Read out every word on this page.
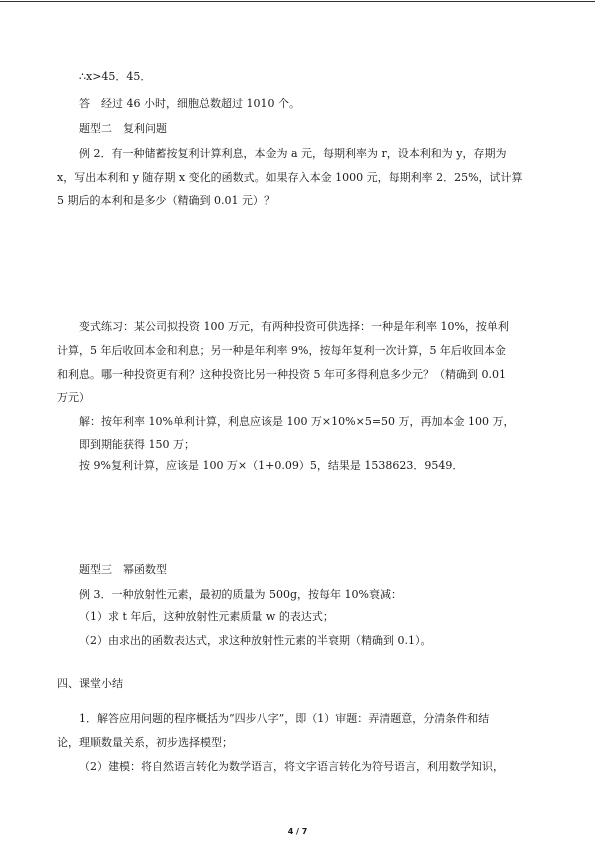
∴x>45．45．
答　经过 46 小时，细胞总数超过 1010 个。
题型二　复利问题
例 2．有一种储蓄按复利计算利息，本金为 a 元，每期利率为 r，设本利和为 y，存期为
x，写出本利和 y 随存期 x 变化的函数式。如果存入本金 1000 元，每期利率 2．25%，试计算
5 期后的本利和是多少（精确到 0.01 元）？
变式练习：某公司拟投资 100 万元，有两种投资可供选择：一种是年利率 10%，按单利
计算，5 年后收回本金和利息；另一种是年利率 9%，按每年复利一次计算，5 年后收回本金
和利息。哪一种投资更有利？这种投资比另一种投资 5 年可多得利息多少元？（精确到 0.01
万元）
解：按年利率 10%单利计算，利息应该是 100 万×10%×5=50 万，再加本金 100 万，
即到期能获得 150 万；
按 9%复利计算，应该是 100 万×（1+0.09）5，结果是 1538623．9549．
题型三　幂函数型
例 3．一种放射性元素，最初的质量为 500g，按每年 10%衰减：
（1）求 t 年后，这种放射性元素质量 w 的表达式；
（2）由求出的函数表达式，求这种放射性元素的半衰期（精确到 0.1）。
四、课堂小结
1．解答应用问题的程序概括为“四步八字”，即（1）审题：弄清题意，分清条件和结
论，理顺数量关系，初步选择模型；
（2）建模：将自然语言转化为数学语言，将文字语言转化为符号语言，利用数学知识，
4 / 7
